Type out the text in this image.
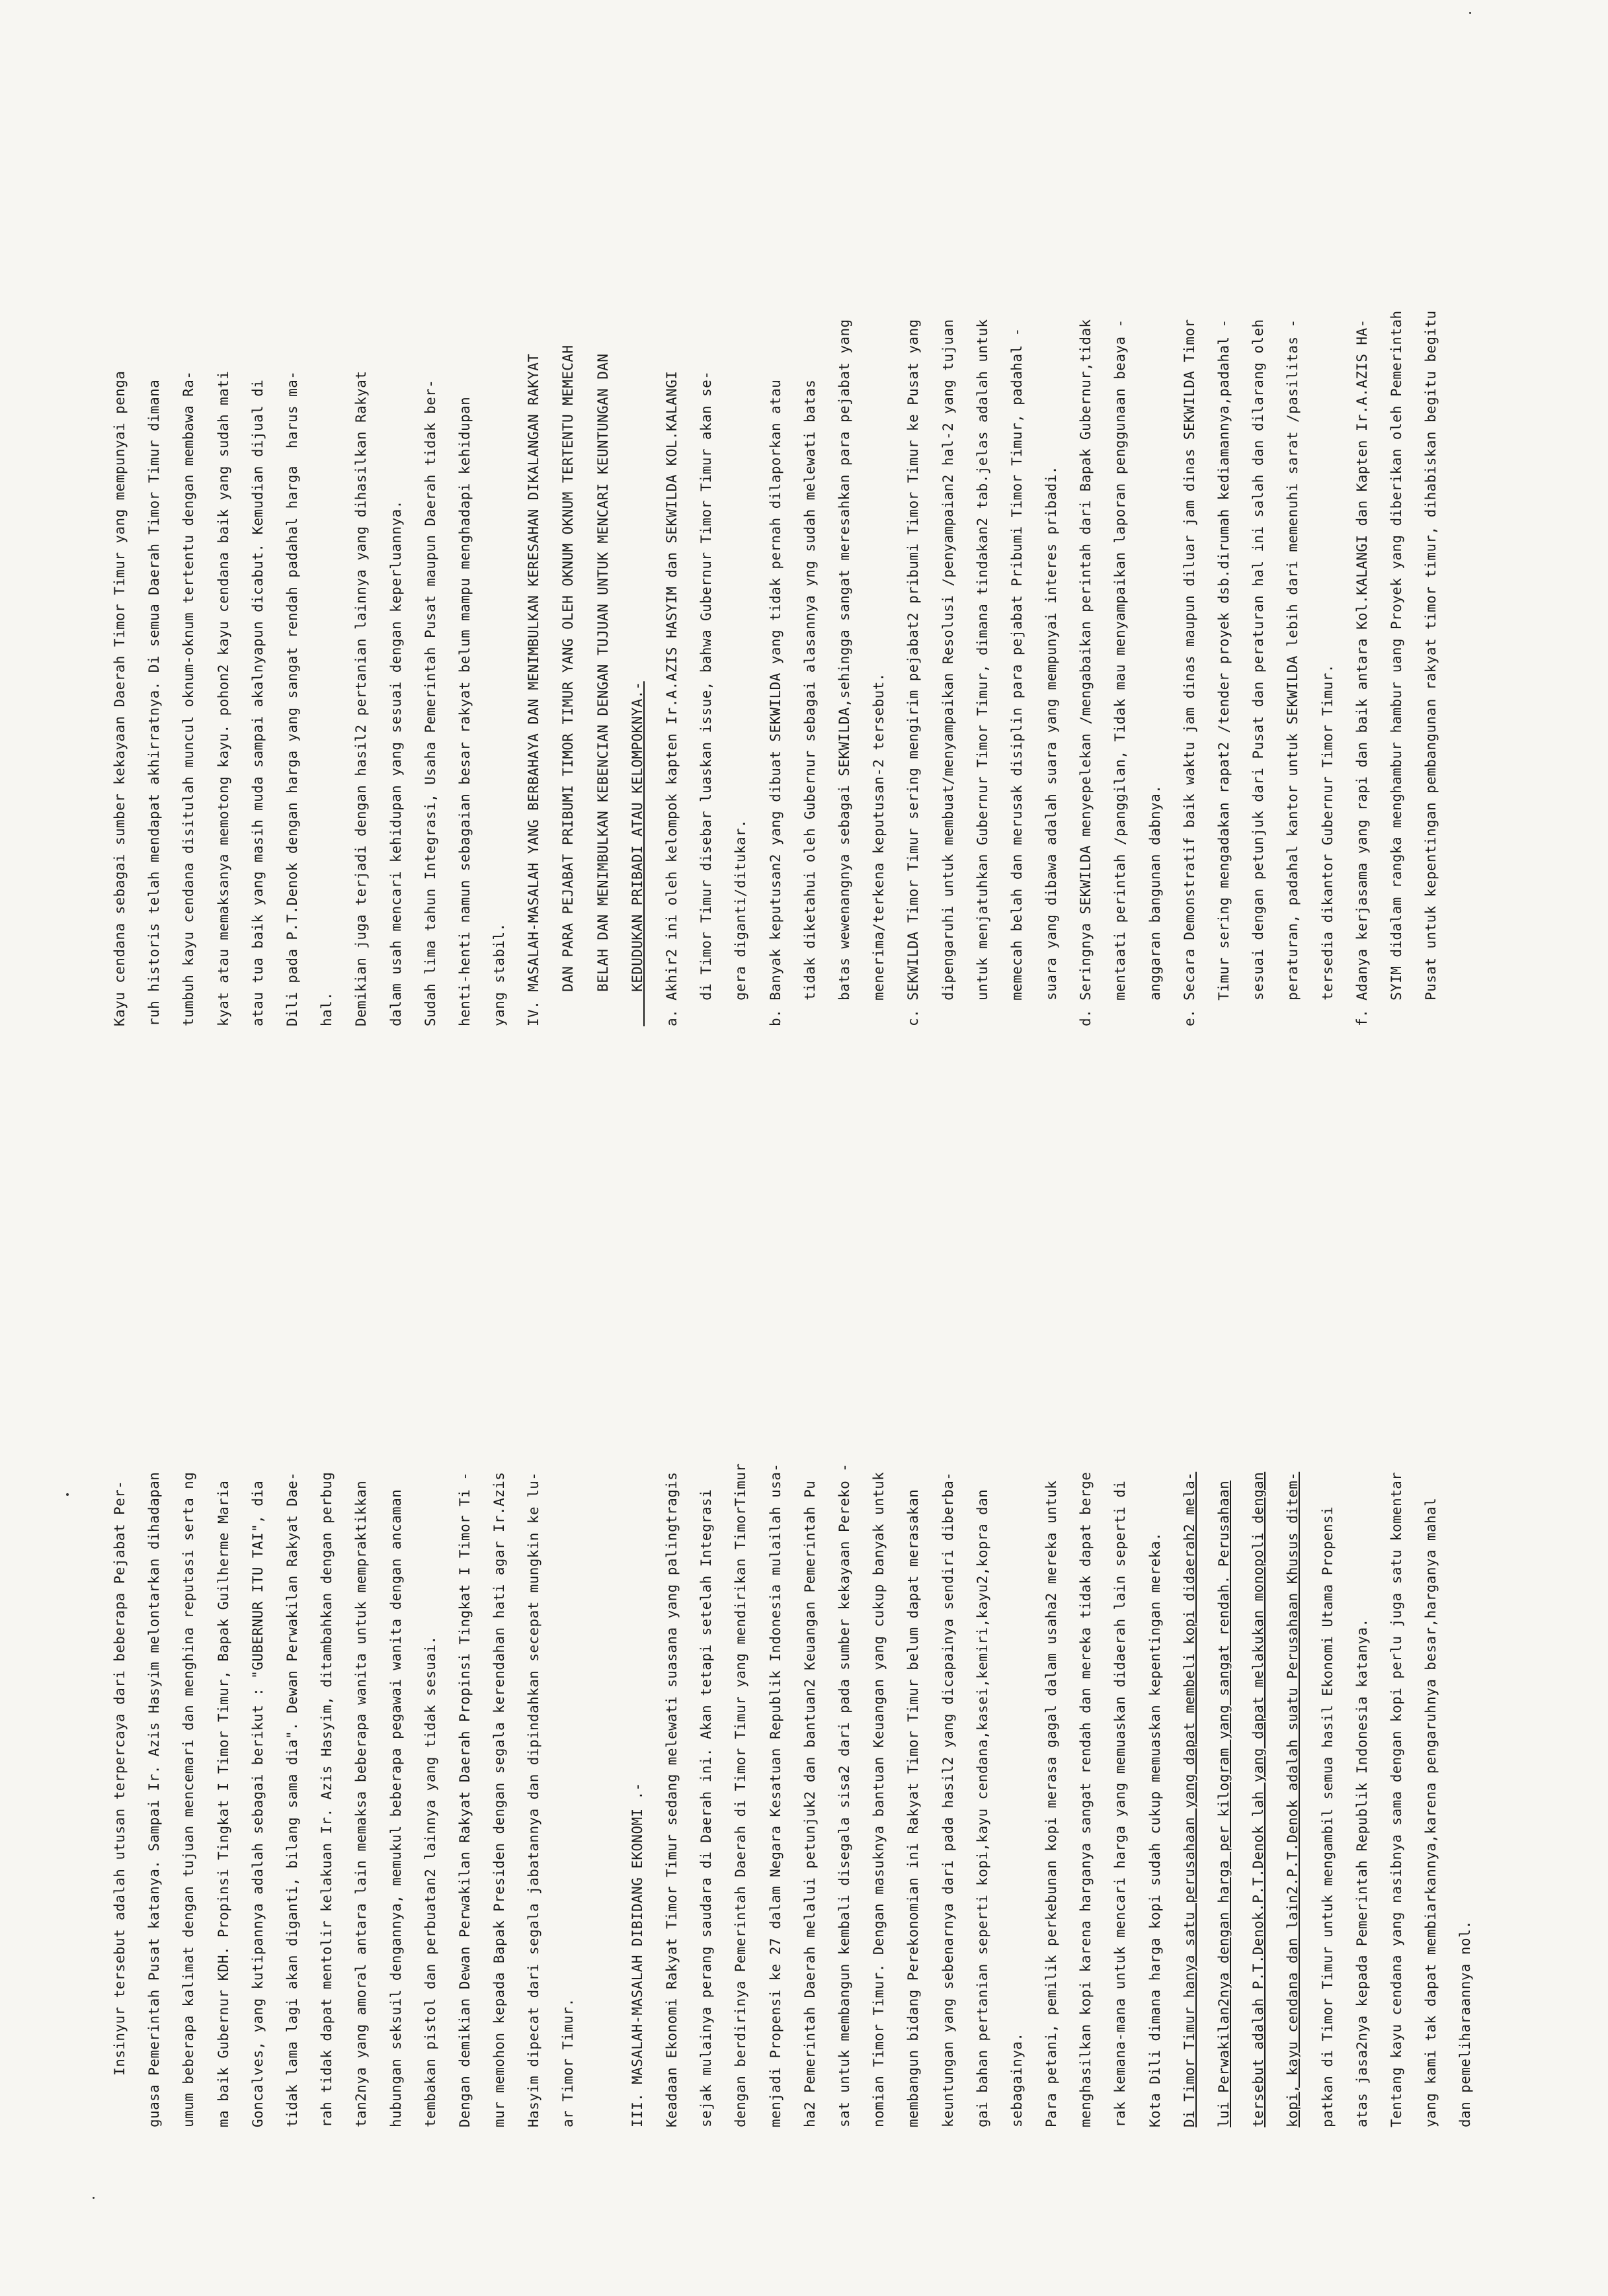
Insinyur tersebut adalah utusan terpercaya dari beberapa Pejabat Per-	guasa Pemerintah Pusat katanya. Sampai Ir. Azis Hasyim melontarkan dihadapan	umum beberapa kalimat dengan tujuan mencemari dan menghina reputasi serta ng	ma baik Gubernur KDH. Propinsi Tingkat I Timor Timur, Bapak Guilherme Maria	Goncalves, yang kutipannya adalah sebagai berikut : "GUBERNUR ITU TAI", dia	tidak lama lagi akan diganti, bilang sama dia". Dewan Perwakilan Rakyat Dae-	rah tidak dapat mentolir kelakuan Ir. Azis Hasyim, ditambahkan dengan perbug	tan2nya yang amoral antara lain memaksa beberapa wanita untuk mempraktikkan	hubungan seksuil dengannya, memukul beberapa pegawai wanita dengan ancaman	tembakan pistol dan perbuatan2 lainnya yang tidak sesuai.	Dengan demikian Dewan Perwakilan Rakyat Daerah Propinsi Tingkat I Timor Ti -	mur memohon kepada Bapak Presiden dengan segala kerendahan hati agar Ir.Azis	Hasyim dipecat dari segala jabatannya dan dipindahkan secepat mungkin ke lu-	ar Timor Timur.	III. MASALAH-MASALAH DIBIDANG EKONOMI .-	Keadaan Ekonomi Rakyat Timor Timur sedang melewati suasana yang palingtragis	sejak mulainya perang saudara di Daerah ini. Akan tetapi setelah Integrasi	dengan berdirinya Pemerintah Daerah di Timor Timur yang mendirikan TimorTimur	menjadi Propensi ke 27 dalam Negara Kesatuan Republik Indonesia mulailah usa-	ha2 Pemerintah Daerah melalui petunjuk2 dan bantuan2 Keuangan Pemerintah Pu	sat untuk membangun kembali disegala sisa2 dari pada sumber kekayaan Pereko -	nomian Timor Timur. Dengan masuknya bantuan Keuangan yang cukup banyak untuk	membangun bidang Perekonomian ini Rakyat Timor Timur belum dapat merasakan	keuntungan yang sebenarnya dari pada hasil2 yang dicapainya sendiri diberba-	gai bahan pertanian seperti kopi,kayu cendana,kasei,kemiri,kayu2,kopra dan	sebagainya.	Para petani, pemilik perkebunan kopi merasa gagal dalam usaha2 mereka untuk	menghasilkan kopi karena harganya sangat rendah dan mereka tidak dapat berge	rak kemana-mana untuk mencari harga yang memuaskan didaerah lain seperti di	Kota Dili dimana harga kopi sudah cukup memuaskan kepentingan mereka.	Di Timor Timur hanya satu perusahaan yang dapat membeli kopi didaerah2 mela-	lui Perwakilan2nya dengan harga per kilogram yang sangat rendah. Perusahaan	tersebut adalah P.T.Denok.P.T.Denok lah yang dapat melakukan monopoli dengan	kopi, kayu cendana dan lain2.P.T.Denok adalah suatu Perusahaan Khusus ditem-	patkan di Timor Timur untuk mengambil semua hasil Ekonomi Utama Propensi	atas jasa2nya kepada Pemerintah Republik Indonesia katanya.	Tentang kayu cendana yang nasibnya sama dengan kopi perlu juga satu komentar	yang kami tak dapat membiarkannya,karena pengaruhnya besar,harganya mahal	dan pemeliharaannya nol.
Kayu cendana sebagai sumber kekayaan Daerah Timor Timur yang mempunyai penga	ruh historis telah mendapat akhirratnya. Di semua Daerah Timor Timur dimana	tumbuh kayu cendana disitulah muncul oknum-oknum tertentu dengan membawa Ra-	kyat atau memaksanya memotong kayu. pohon2 kayu cendana baik yang sudah mati	atau tua baik yang masih muda sampai akalnyapun dicabut. Kemudian dijual di	Dili pada P.T.Denok dengan harga yang sangat rendah padahal harga  harus ma-	hal.	Demikian juga terjadi dengan hasil2 pertanian lainnya yang dihasilkan Rakyat	dalam usah mencari kehidupan yang sesuai dengan keperluannya.	Sudah lima tahun Integrasi, Usaha Pemerintah Pusat maupun Daerah tidak ber-	henti-henti namun sebagaian besar rakyat belum mampu menghadapi kehidupan	yang stabil.	IV. MASALAH-MASALAH YANG BERBAHAYA DAN MENIMBULKAN KERESAHAN DIKALANGAN RAKYAT	DAN PARA PEJABAT PRIBUMI TIMOR TIMUR YANG OLEH OKNUM OKNUM TERTENTU MEMECAH	BELAH DAN MENIMBULKAN KEBENCIAN DENGAN TUJUAN UNTUK MENCARI KEUNTUNGAN DAN	KEDUDUKAN PRIBADI ATAU KELOMPOKNYA.-	a. Akhir2 ini oleh kelompok kapten Ir.A.AZIS HASYIM dan SEKWILDA KOL.KALANGI	di Timor Timur disebar luaskan issue, bahwa Gubernur Timor Timur akan se-	gera diganti/ditukar.	b. Banyak keputusan2 yang dibuat SEKWILDA yang tidak pernah dilaporkan atau	tidak diketahui oleh Gubernur sebagai alasannya yng sudah melewati batas	batas wewenangnya sebagai SEKWILDA,sehingga sangat meresahkan para pejabat yang	menerima/terkena keputusan-2 tersebut.	c. SEKWILDA Timor Timur sering mengirim pejabat2 pribumi Timor Timur ke Pusat yang	dipengaruhi untuk membuat/menyampaikan Resolusi /penyampaian2 hal-2 yang tujuan	untuk menjatuhkan Gubernur Timor Timur, dimana tindakan2 tab.jelas adalah untuk	memecah belah dan merusak disiplin para pejabat Pribumi Timor Timur, padahal -	suara yang dibawa adalah suara yang mempunyai interes pribadi.	d. Seringnya SEKWILDA menyepelekan /mengabaikan perintah dari Bapak Gubernur,tidak	mentaati perintah /panggilan, Tidak mau menyampaikan laporan penggunaan beaya -	anggaran bangunan dabnya.	e. Secara Demonstratif baik waktu jam dinas maupun diluar jam dinas SEKWILDA Timor	Timur sering mengadakan rapat2 /tender proyek dsb.dirumah kediamannya,padahal -	sesuai dengan petunjuk dari Pusat dan peraturan hal ini salah dan dilarang oleh	peraturan, padahal kantor untuk SEKWILDA lebih dari memenuhi sarat /pasilitas -	tersedia dikantor Gubernur Timor Timur.	f. Adanya kerjasama yang rapi dan baik antara Kol.KALANGI dan Kapten Ir.A.AZIS HA-	SYIM didalam rangka menghambur hambur uang Proyek yang diberikan oleh Pemerintah	Pusat untuk kepentingan pembangunan rakyat timor timur, dihabiskan begitu begitu
